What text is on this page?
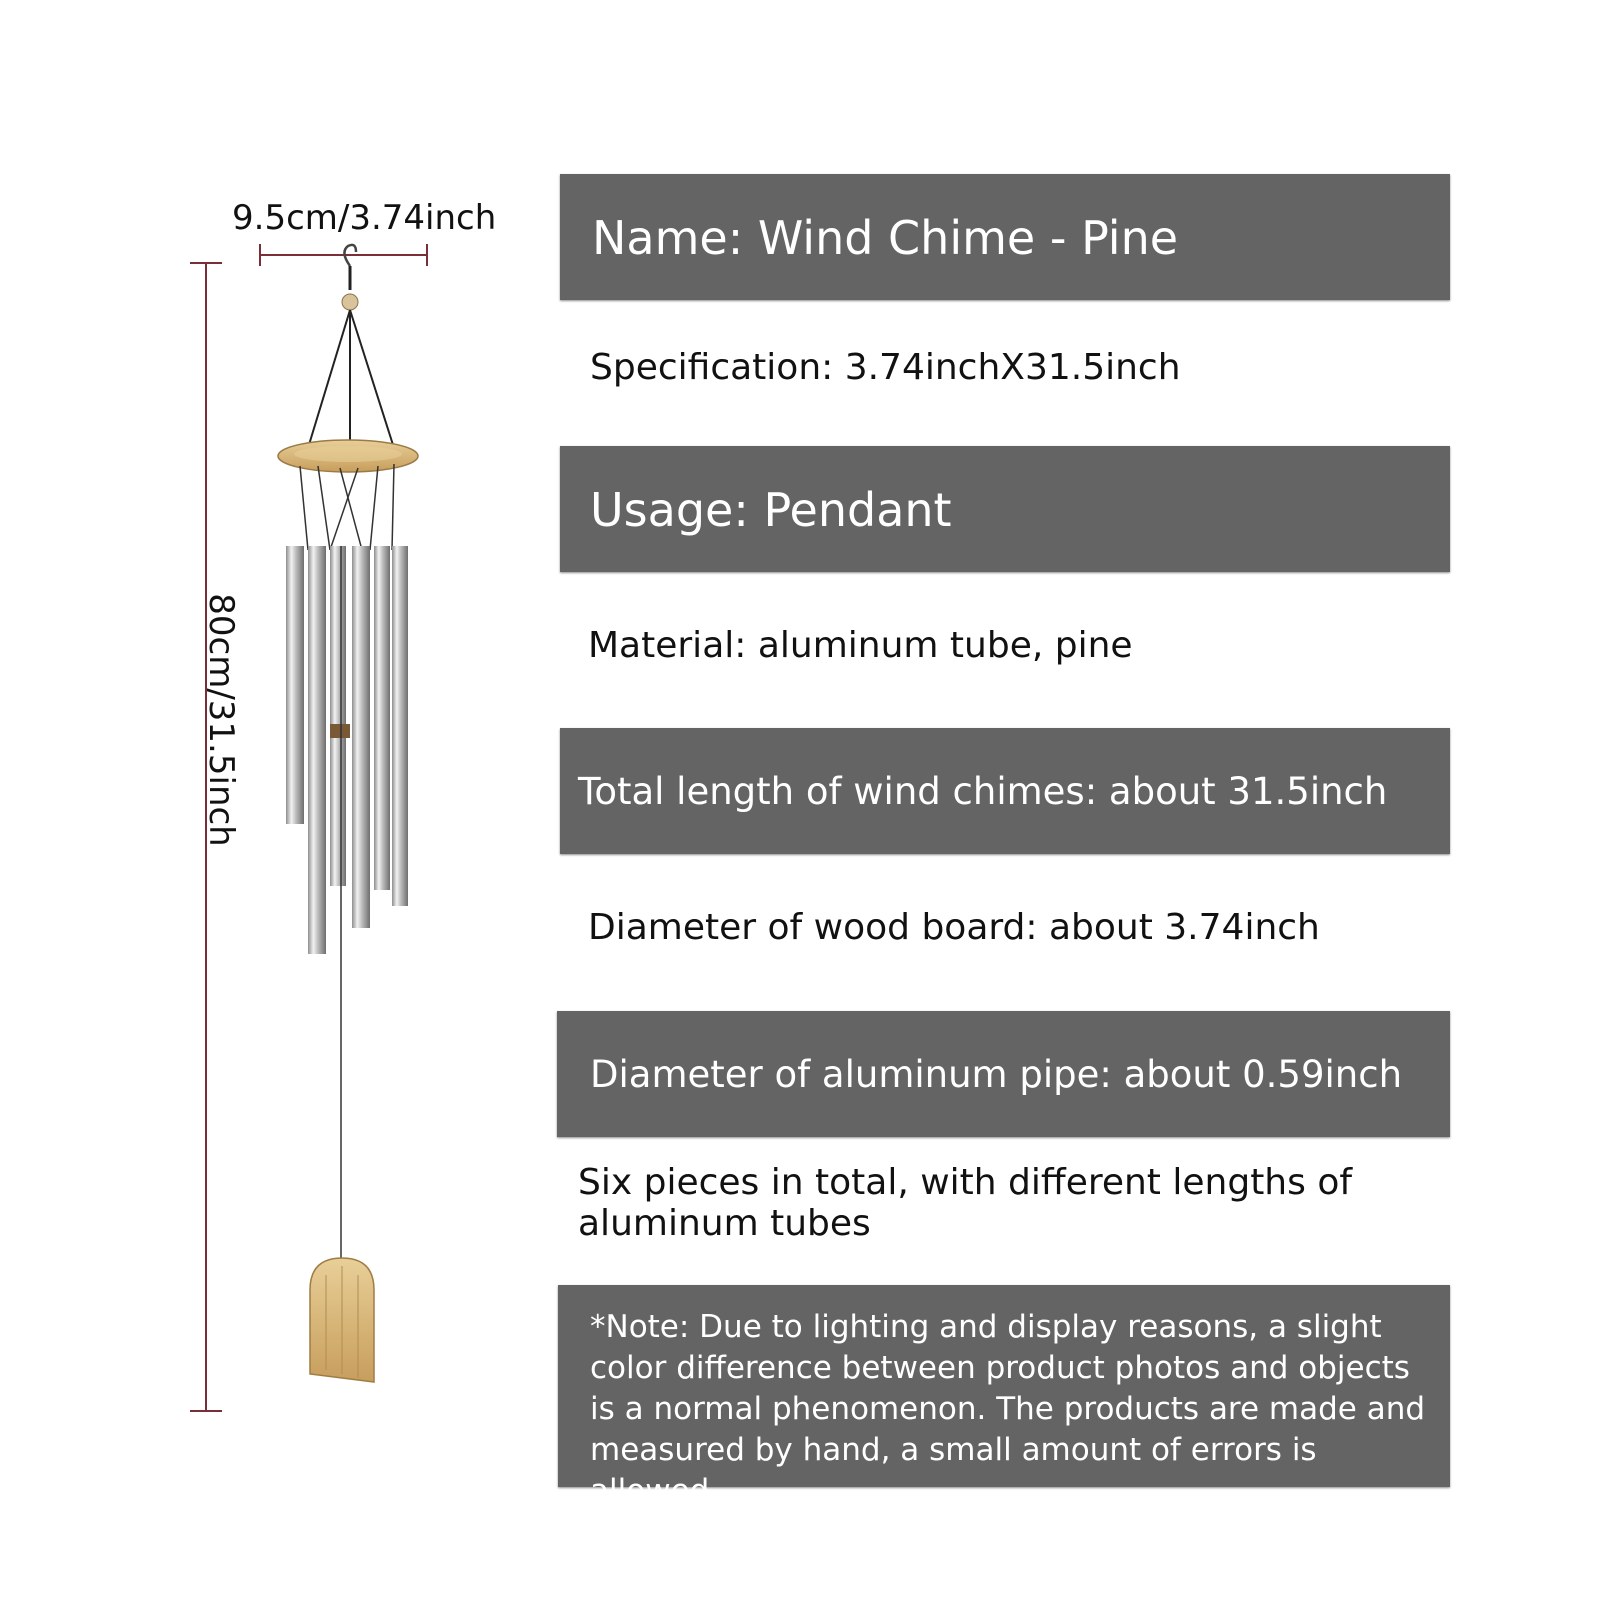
9.5cm/3.74inch
80cm/31.5inch
Name: Wind Chime - Pine
Specification: 3.74inchX31.5inch
Usage: Pendant
Material: aluminum tube, pine
Total length of wind chimes: about 31.5inch
Diameter of wood board: about 3.74inch
Diameter of aluminum pipe: about 0.59inch
Six pieces in total, with different lengths of aluminum tubes
*Note: Due to lighting and display reasons, a slight color difference between product photos and objects is a normal phenomenon. The products are made and measured by hand, a small amount of errors is allowed.
